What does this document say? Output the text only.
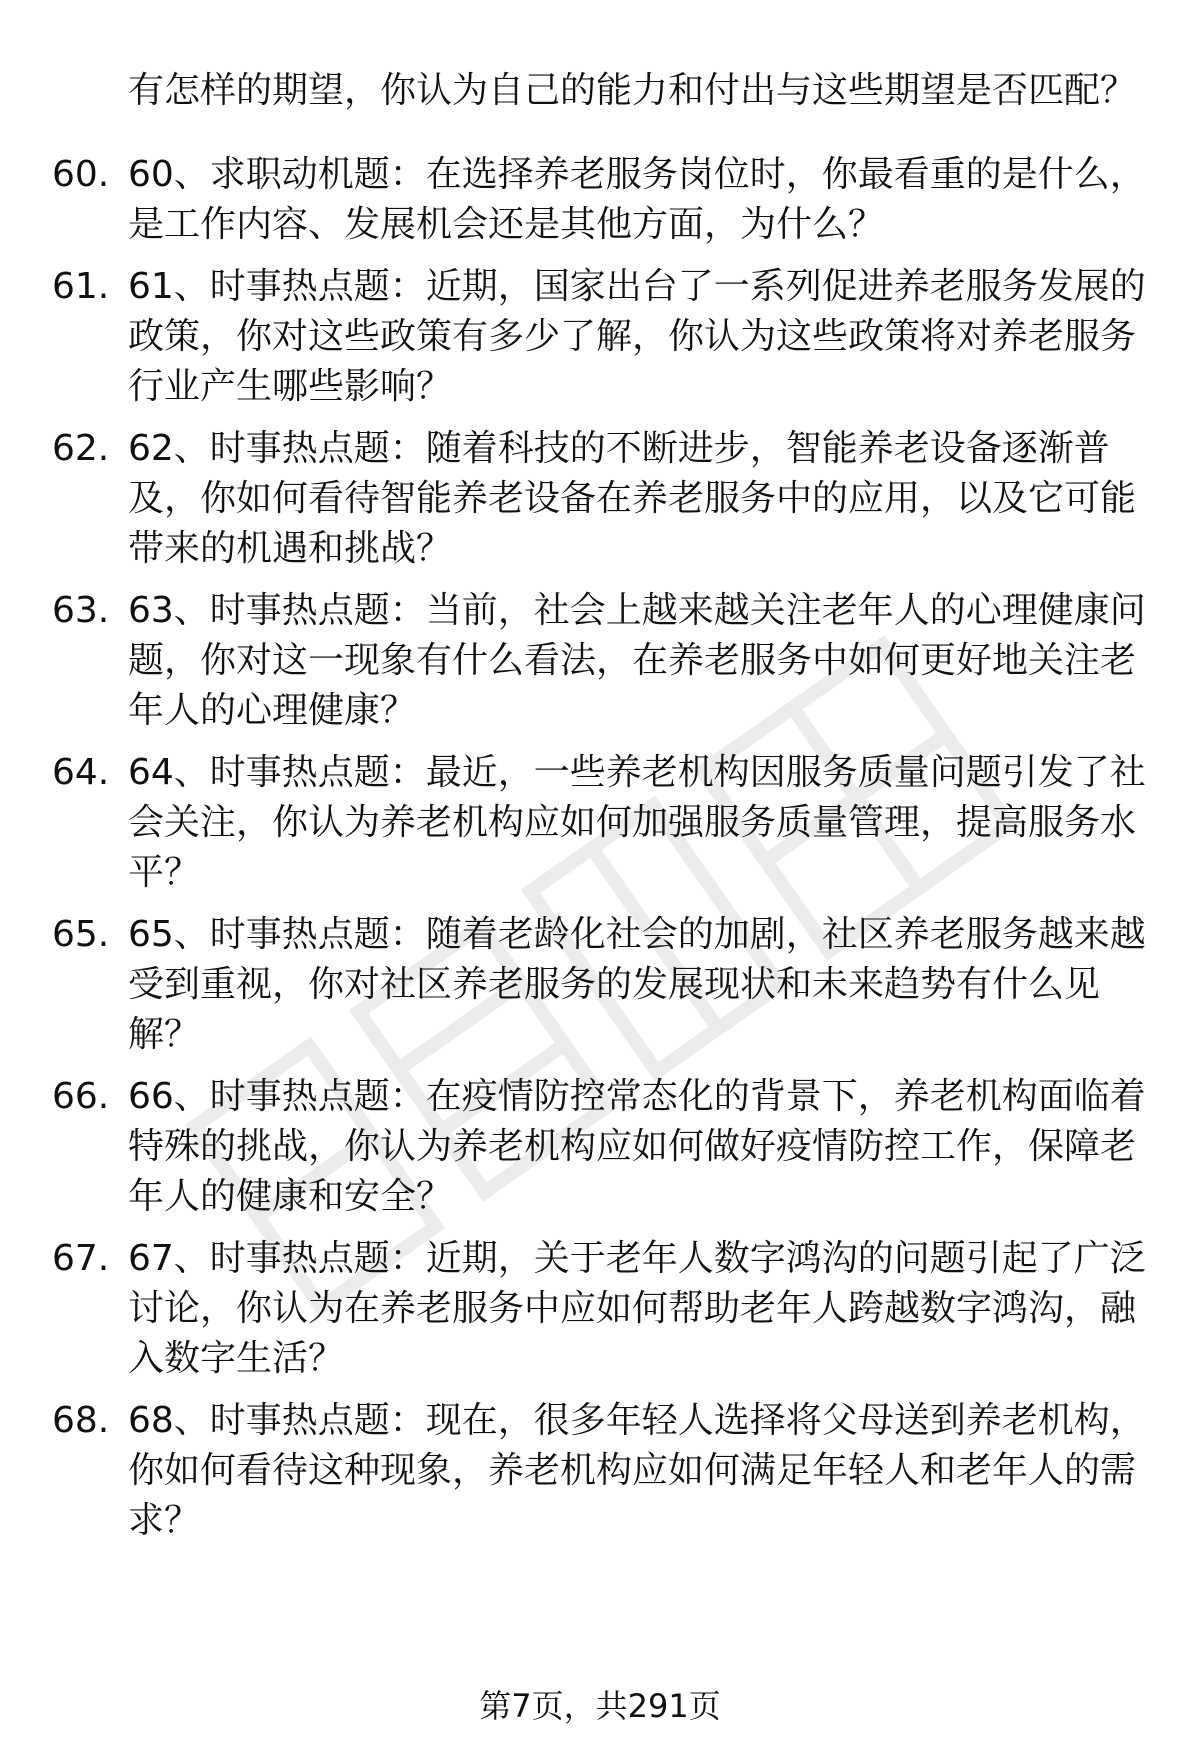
有怎样的期望，你认为自己的能力和付出与这些期望是否匹配？
60. 60、求职动机题：在选择养老服务岗位时，你最看重的是什么，
是工作内容、发展机会还是其他方面，为什么？
61. 61、时事热点题：近期，国家出台了一系列促进养老服务发展的
政策，你对这些政策有多少了解，你认为这些政策将对养老服务
行业产生哪些影响？
62. 62、时事热点题：随着科技的不断进步，智能养老设备逐渐普
及，你如何看待智能养老设备在养老服务中的应用，以及它可能
带来的机遇和挑战？
63. 63、时事热点题：当前，社会上越来越关注老年人的心理健康问
题，你对这一现象有什么看法，在养老服务中如何更好地关注老
年人的心理健康？
64. 64、时事热点题：最近，一些养老机构因服务质量问题引发了社
会关注，你认为养老机构应如何加强服务质量管理，提高服务水
平？
65. 65、时事热点题：随着老龄化社会的加剧，社区养老服务越来越
受到重视，你对社区养老服务的发展现状和未来趋势有什么见
解？
66. 66、时事热点题：在疫情防控常态化的背景下，养老机构面临着
特殊的挑战，你认为养老机构应如何做好疫情防控工作，保障老
年人的健康和安全？
67. 67、时事热点题：近期，关于老年人数字鸿沟的问题引起了广泛
讨论，你认为在养老服务中应如何帮助老年人跨越数字鸿沟，融
入数字生活？
68. 68、时事热点题：现在，很多年轻人选择将父母送到养老机构，
你如何看待这种现象，养老机构应如何满足年轻人和老年人的需
求？
第7页，共291页
